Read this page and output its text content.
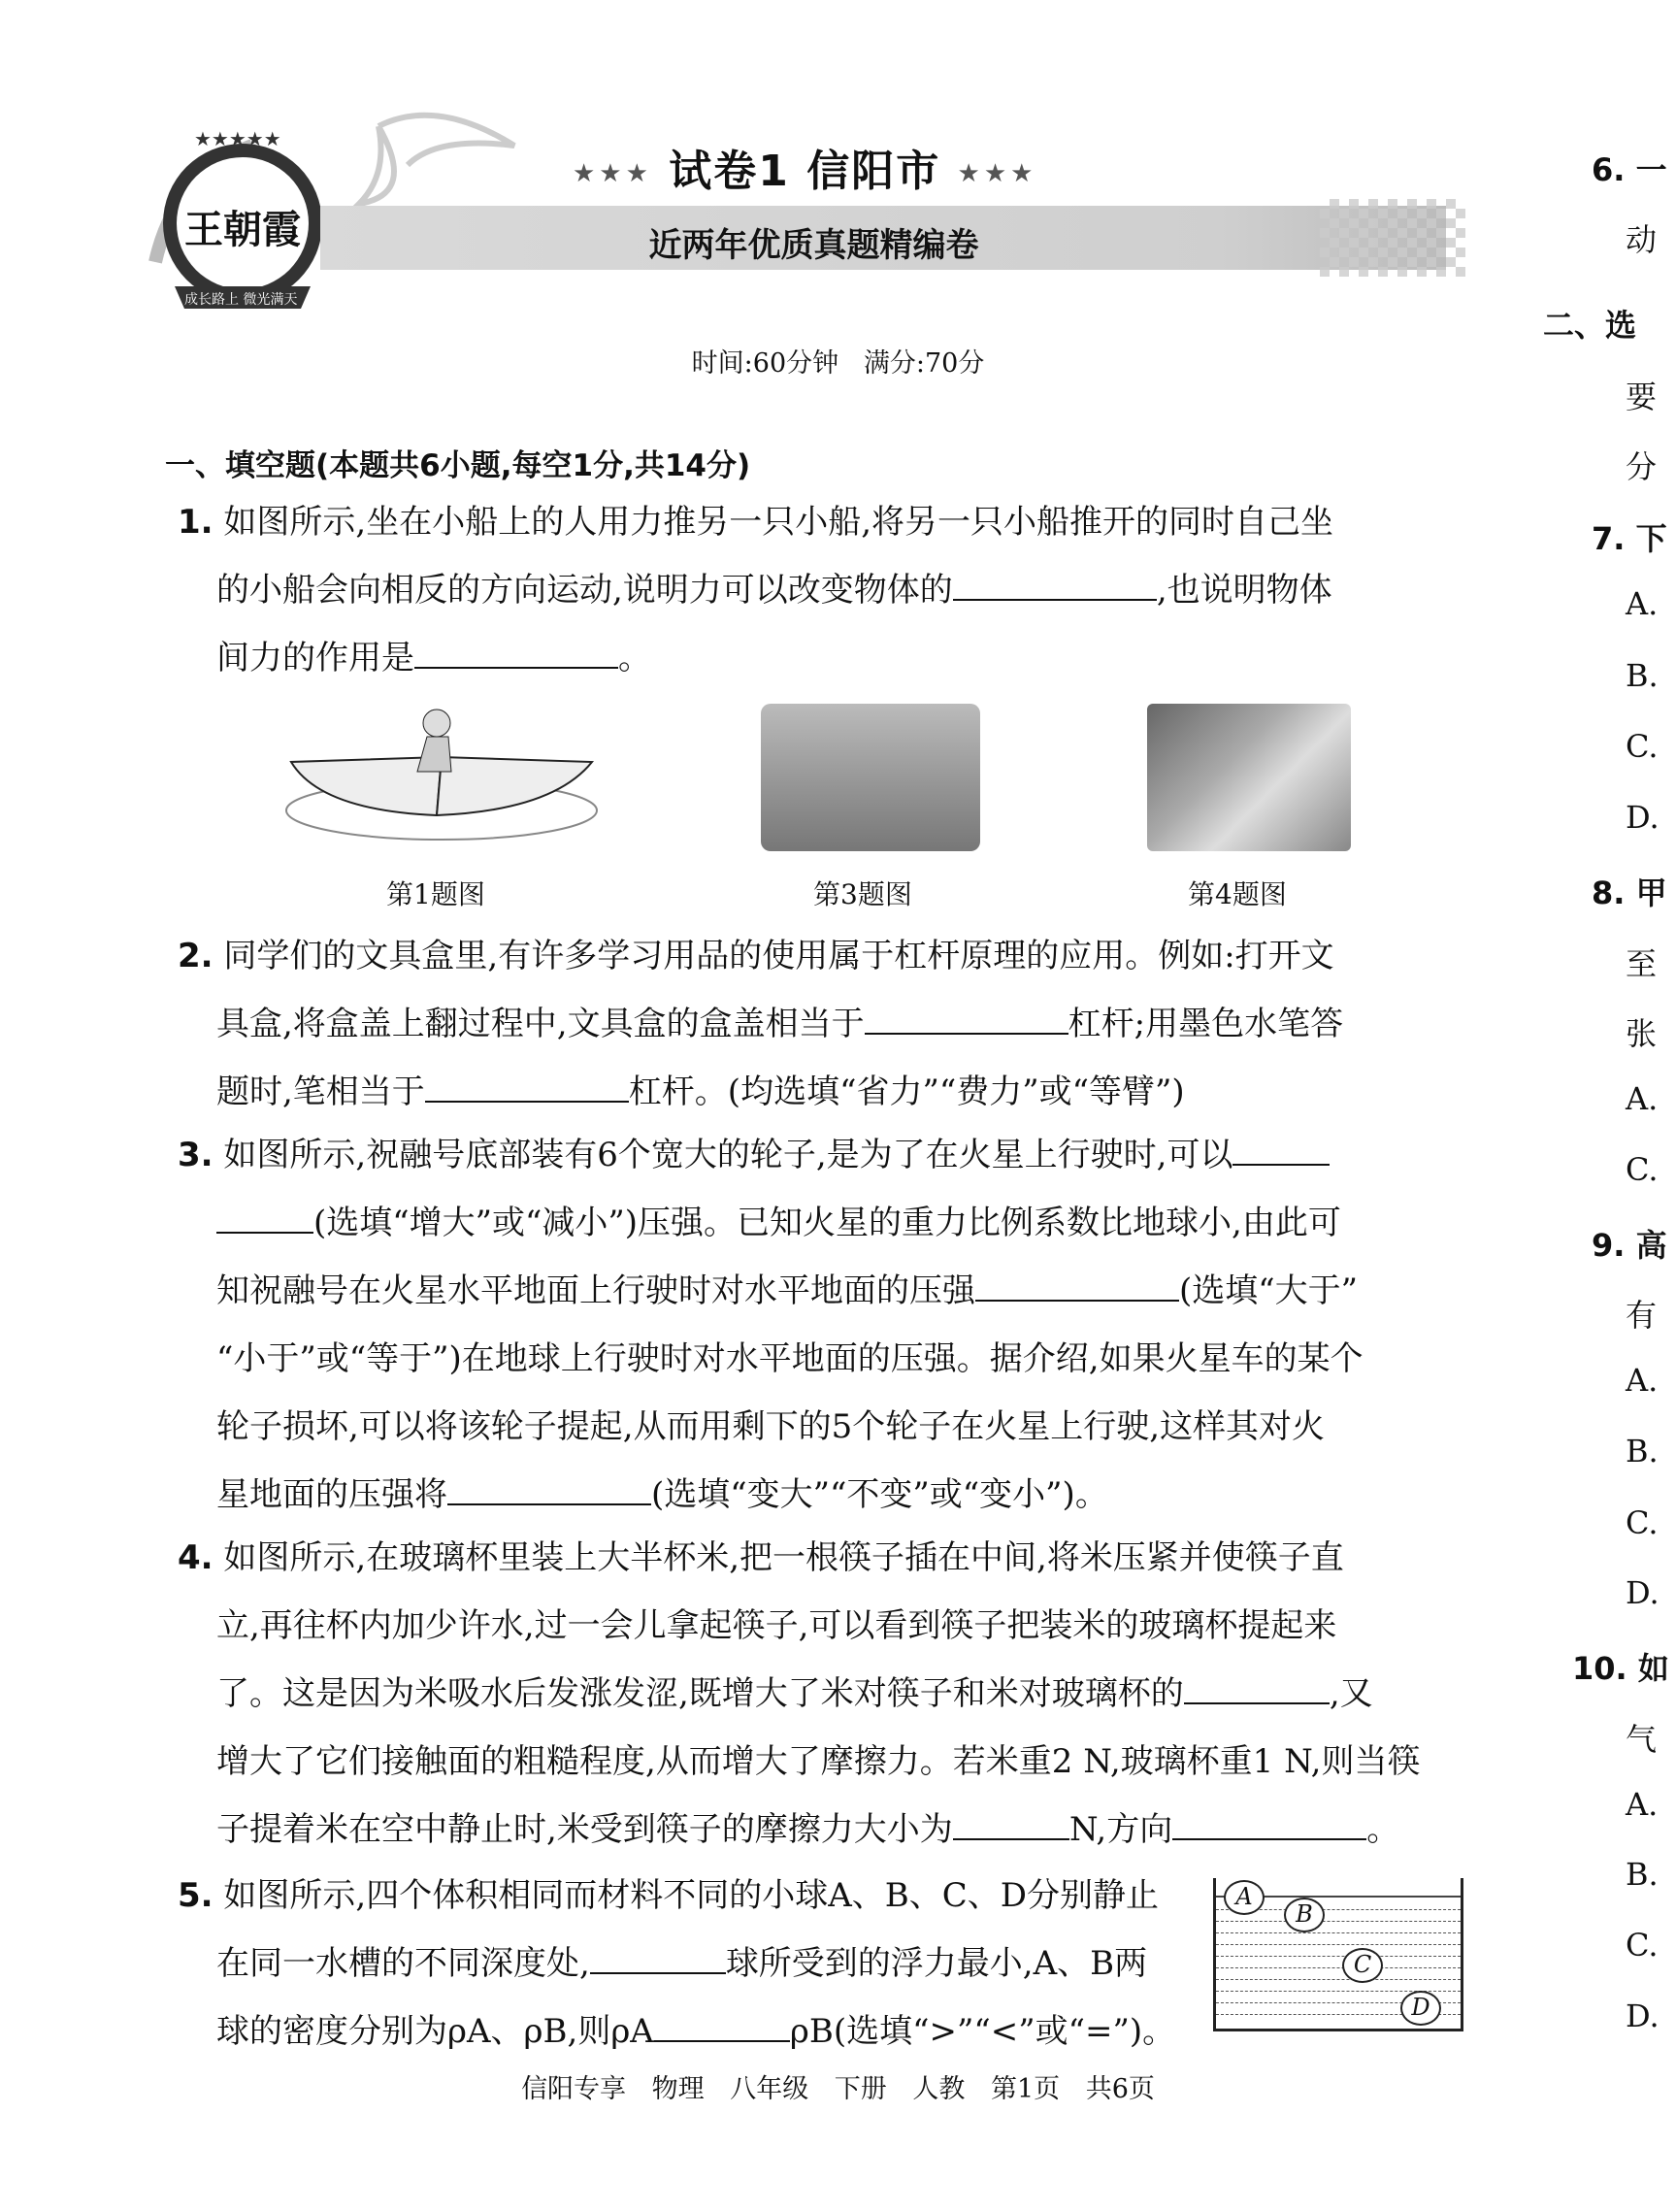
★★★★★
王朝霞
成长路上 微光满天
★★★ 试卷1 信阳市 ★★★
近两年优质真题精编卷
时间:60分钟   满分:70分
一、填空题(本题共6小题,每空1分,共14分)
1. 如图所示,坐在小船上的人用力推另一只小船,将另一只小船推开的同时自己坐
的小船会向相反的方向运动,说明力可以改变物体的	,也说明物体
间力的作用是	。
第1题图	第3题图	第4题图
2. 同学们的文具盒里,有许多学习用品的使用属于杠杆原理的应用。例如:打开文
具盒,将盒盖上翻过程中,文具盒的盒盖相当于	杠杆;用墨色水笔答
题时,笔相当于	杠杆。(均选填“省力”“费力”或“等臂”)
3. 如图所示,祝融号底部装有6个宽大的轮子,是为了在火星上行驶时,可以
(选填“增大”或“减小”)压强。已知火星的重力比例系数比地球小,由此可
知祝融号在火星水平地面上行驶时对水平地面的压强	(选填“大于”
“小于”或“等于”)在地球上行驶时对水平地面的压强。据介绍,如果火星车的某个
轮子损坏,可以将该轮子提起,从而用剩下的5个轮子在火星上行驶,这样其对火
星地面的压强将	(选填“变大”“不变”或“变小”)。
4. 如图所示,在玻璃杯里装上大半杯米,把一根筷子插在中间,将米压紧并使筷子直
立,再往杯内加少许水,过一会儿拿起筷子,可以看到筷子把装米的玻璃杯提起来
了。这是因为米吸水后发涨发涩,既增大了米对筷子和米对玻璃杯的	,又
增大了它们接触面的粗糙程度,从而增大了摩擦力。若米重2 N,玻璃杯重1 N,则当筷
子提着米在空中静止时,米受到筷子的摩擦力大小为	N,方向	。
5. 如图所示,四个体积相同而材料不同的小球A、B、C、D分别静止
在同一水槽的不同深度处,	球所受到的浮力最小,A、B两
球的密度分别为ρA、ρB,则ρA	ρB(选填“>”“<”或“=”)。
A
B
C
D
6. 一
动
二、选
要
分
7. 下
A.
B.
C.
D.
8. 甲
至
张
A.
C.
9. 高
有
A.
B.
C.
D.
10. 如
气
A.
B.
C.
D.
信阳专享 物理 八年级 下册 人教 第1页 共6页
